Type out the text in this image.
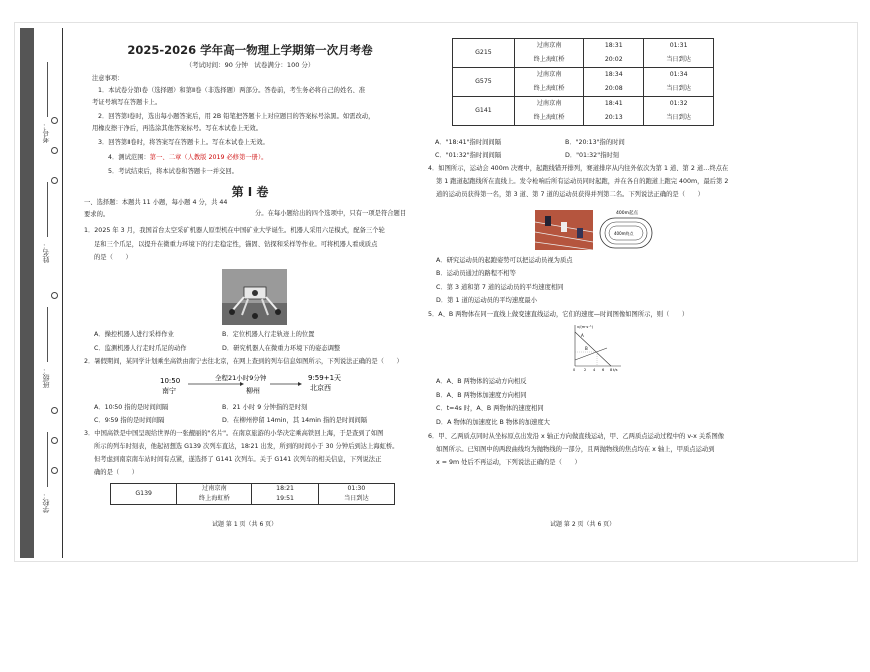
学校：
班级：
姓名：
考号：
2025-2026 学年高一物理上学期第一次月考卷
（考试时间：90 分钟　试卷满分：100 分）
注意事项：
1．本试卷分第Ⅰ卷（选择题）和第Ⅱ卷（非选择题）两部分。答卷前，考生务必将自己的姓名、准
考证号填写在答题卡上。
2．回答第Ⅰ卷时，选出每小题答案后，用 2B 铅笔把答题卡上对应题目的答案标号涂黑。如需改动，
用橡皮擦干净后，再选涂其他答案标号。写在本试卷上无效。
3．回答第Ⅱ卷时，将答案写在答题卡上。写在本试卷上无效。
4．测试范围：第一、二章（人教版 2019 必修第一册）。
5．考试结束后，将本试卷和答题卡一并交回。
第 Ⅰ 卷
一、选择题：本题共 11 小题，每小题 4 分，共 44
分。在每小题给出的四个选项中，只有一项是符合题目
要求的。
1．2025 年 3 月，我国首台太空采矿机器人原型机在中国矿业大学诞生。机器人采用六足模式，配备三个轮
足和三个爪足，以提升在微重力环境下的行走稳定性，锚固、钻探和采样等作业。可将机器人看成质点
的是（　　）
A．操控机器人进行采样作业	B．定位机器人行走轨迹上的位置
C．监测机器人行走时爪足的动作	D．研究机器人在微重力环境下的姿态调整
2．暑假期间，某同学计划乘坐高铁由南宁去往北京，在网上查到的列车信息如图所示，下列说法正确的是（　　）
10:50
南宁
全程21小时9分钟
柳州
9:59+1天
北京西
A．10∶50 指的是时间间隔	B．21 小时 9 分钟指的是时刻
C．9∶59 指的是时间间隔	D．在柳州停留 14min，其 14min 指的是时间间隔
3．中国高铁是中国呈现给世界的一张靓丽的"名片"。在南京旅游的小华决定乘高铁回上海，于是查到了如图
所示的列车时刻表，他起初想选 G139 次列车直达，18∶21 出发，所到的时间小于 30 分钟后到达上海虹桥。
但考虑到南京南车站时间有点紧，遂选择了 G141 次列车。关于 G141 次列车的相关信息，下列说法正
确的是（　　）
G139	过南京南	18:21	01:30
	终上海虹桥	19:51	当日到达
试题 第 1 页（共 6 页）
G215	过南京南	18:31	01:31
	终上海虹桥	20:02	当日到达
G575	过南京南	18:34	01:34
	终上海虹桥	20:08	当日到达
G141	过南京南	18:41	01:32
	终上海虹桥	20:13	当日到达
A．"18:41"指时间间隔	B．"20:13"指的时间
C．"01:32"指时间间隔	D．"01:32"指时刻
4．如图所示，运动会 400m 决赛中，起跑线错开排列，赛道排序从内往外依次为第 1 道、第 2 道…终点在
第 1 跑道起跑线所在直线上。发令枪响后所有运动员同时起跑，并在各自的跑道上跑完 400m，最后第 2
道的运动员获得第一名，第 3 道、第 7 道的运动员获得并列第二名。下列说法正确的是（　　）
400m起点
400m终点
A．研究运动员的起跑姿势可以把运动员视为质点
B．运动员通过的路程不相等
C．第 3 道和第 7 道的运动员的平均速度相同
D．第 1 道的运动员的平均速度最小
5．A、B 两物体在同一直线上做变速直线运动，它们的速度—时间图像如图所示，则（　　）
v/(m·s⁻¹)
t/s
A
B
0	2 4 6 8
A．A、B 两物体的运动方向相反
B．A、B 两物体加速度方向相同
C．t=4s 时，A、B 两物体的速度相同
D．A 物体的加速度比 B 物体的加速度大
6．甲、乙两质点同时从坐标原点出发沿 x 轴正方向做直线运动，甲、乙两质点运动过程中的 v-x 关系图像
如图所示。已知图中的两段曲线均为抛物线的一部分，且两抛物线的焦点均在 x 轴上，甲质点运动到
x = 9m 处后不再运动，下列说法正确的是（　　）
试题 第 2 页（共 6 页）
